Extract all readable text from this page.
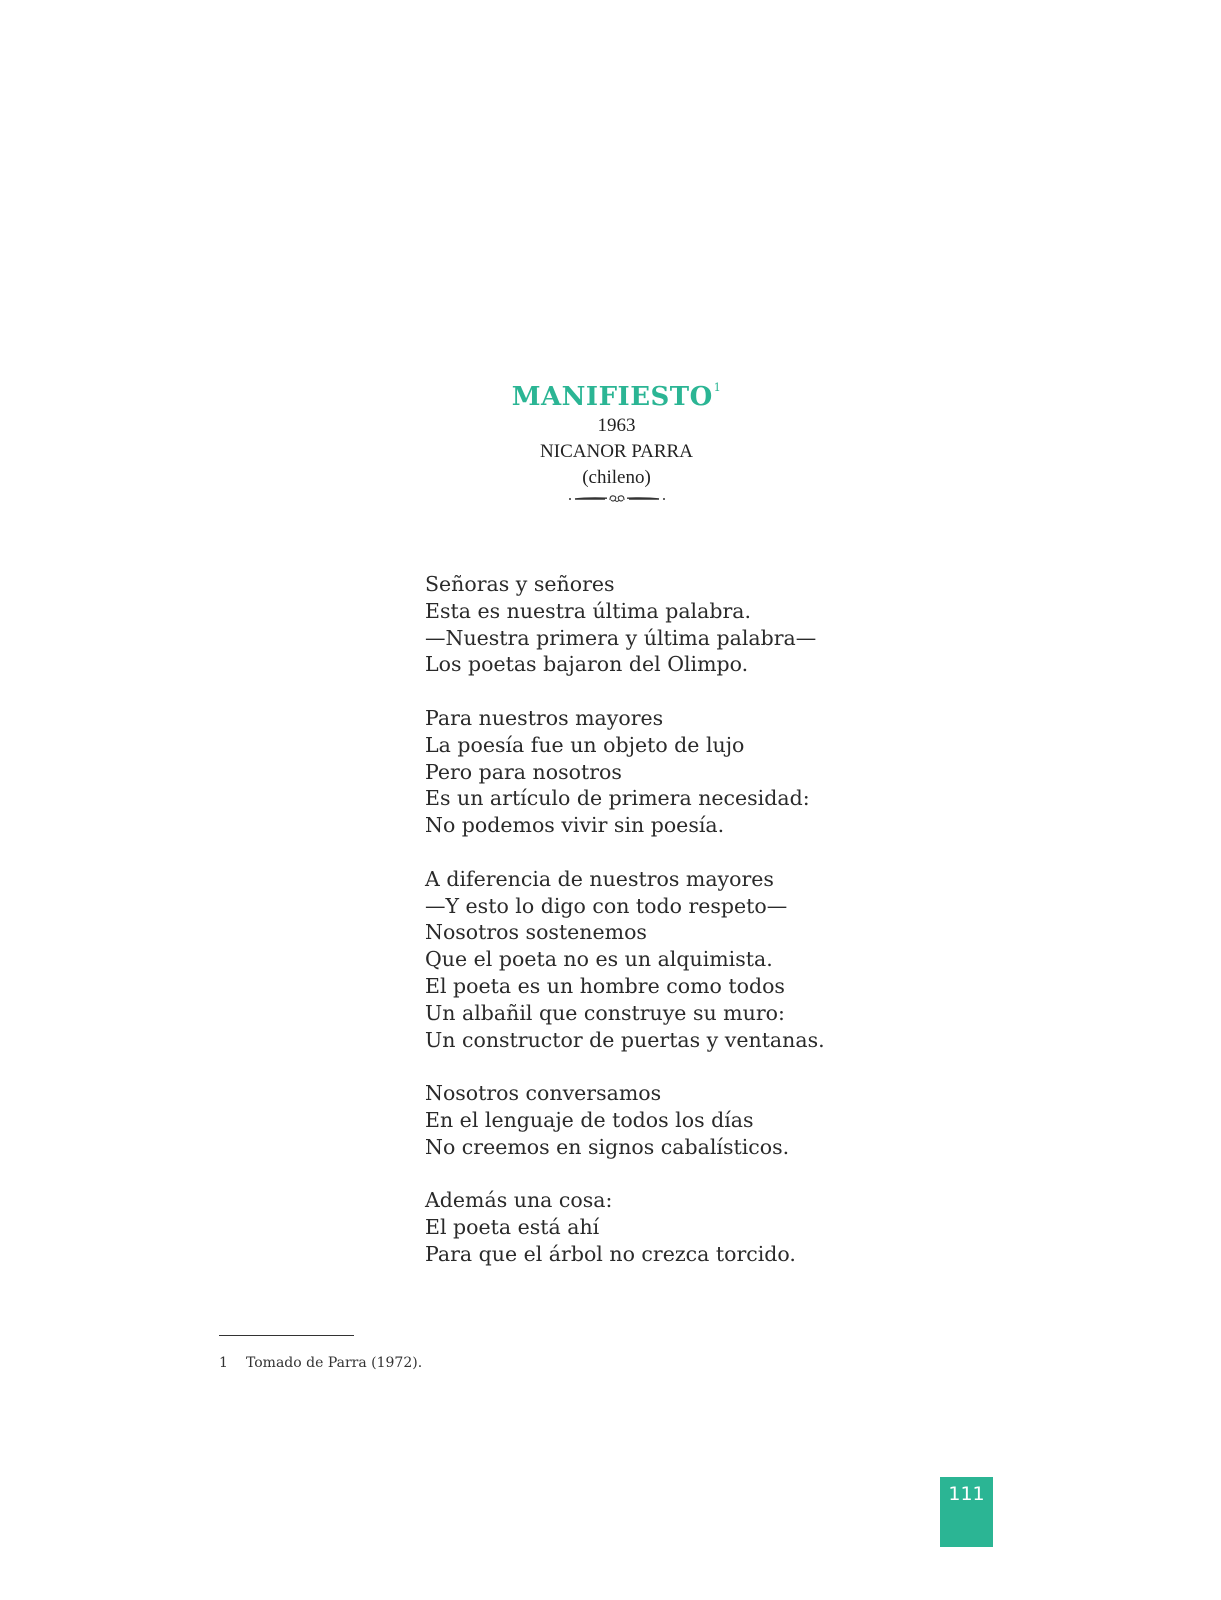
MANIFIESTO$^1$
1963
NICANOR PARRA
(chileno)
Señoras y señores
Esta es nuestra última palabra.
—Nuestra primera y última palabra—
Los poetas bajaron del Olimpo.
Para nuestros mayores
La poesía fue un objeto de lujo
Pero para nosotros
Es un artículo de primera necesidad:
No podemos vivir sin poesía.
A diferencia de nuestros mayores
—Y esto lo digo con todo respeto—
Nosotros sostenemos
Que el poeta no es un alquimista.
El poeta es un hombre como todos
Un albañil que construye su muro:
Un constructor de puertas y ventanas.
Nosotros conversamos
En el lenguaje de todos los días
No creemos en signos cabalísticos.
Además una cosa:
El poeta está ahí
Para que el árbol no crezca torcido.
1 Tomado de Parra (1972).
111
